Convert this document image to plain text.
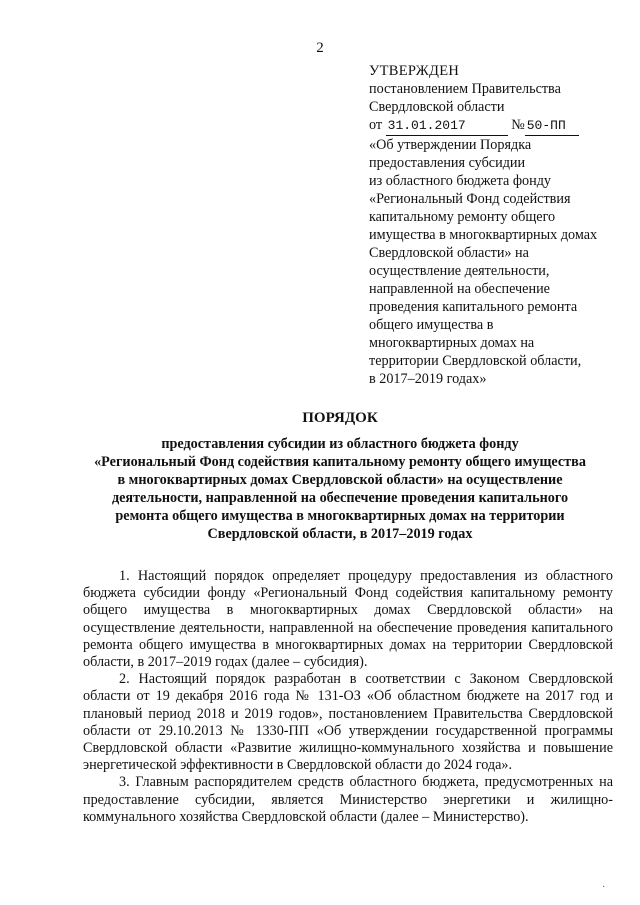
2
УТВЕРЖДЕН
постановлением Правительства
Свердловской области
от 31.01.2017	№ 50-ПП
«Об утверждении Порядка
предоставления субсидии
из областного бюджета фонду
«Региональный Фонд содействия
капитальному ремонту общего
имущества в многоквартирных домах
Свердловской области» на
осуществление деятельности,
направленной на обеспечение
проведения капитального ремонта
общего имущества в
многоквартирных домах на
территории Свердловской области,
в 2017–2019 годах»
ПОРЯДОК
предоставления субсидии из областного бюджета фонду
«Региональный Фонд содействия капитальному ремонту общего имущества
в многоквартирных домах Свердловской области» на осуществление
деятельности, направленной на обеспечение проведения капитального
ремонта общего имущества в многоквартирных домах на территории
Свердловской области, в 2017–2019 годах

1. Настоящий порядок определяет процедуру предоставления из областного бюджета субсидии фонду «Региональный Фонд содействия капитальному ремонту общего имущества в многоквартирных домах Свердловской области» на осуществление деятельности, направленной на обеспечение проведения капитального ремонта общего имущества в многоквартирных домах на территории Свердловской области, в 2017–2019 годах (далее – субсидия).

2. Настоящий порядок разработан в соответствии с Законом Свердловской области от 19 декабря 2016 года № 131-ОЗ «Об областном бюджете на 2017 год и плановый период 2018 и 2019 годов», постановлением Правительства Свердловской области от 29.10.2013 № 1330-ПП «Об утверждении государственной программы Свердловской области «Развитие жилищно-коммунального хозяйства и повышение энергетической эффективности в Свердловской области до 2024 года».

3. Главным распорядителем средств областного бюджета, предусмотренных на предоставление субсидии, является Министерство энергетики и жилищно-коммунального хозяйства Свердловской области (далее – Министерство).

·
